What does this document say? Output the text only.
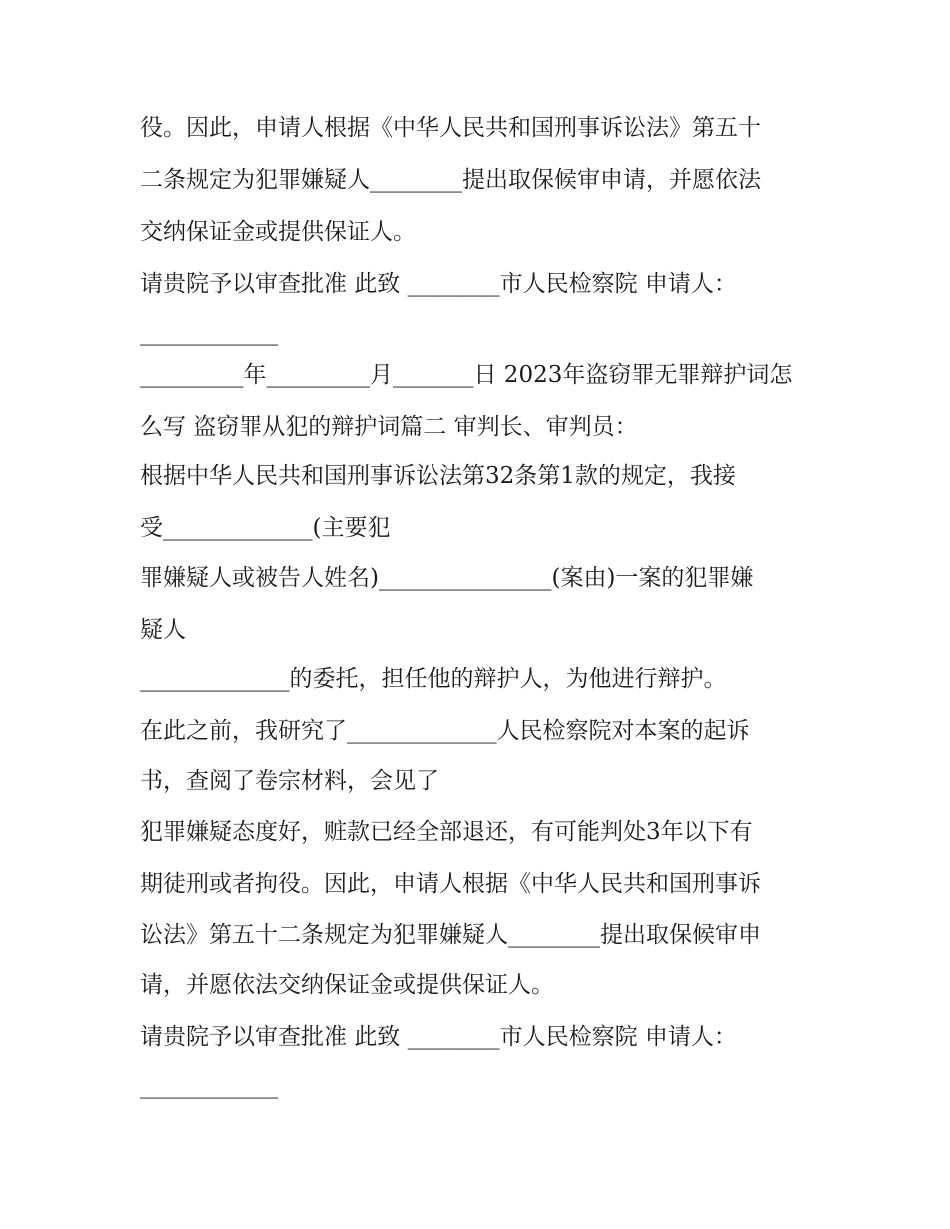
役。因此，申请人根据《中华人民共和国刑事诉讼法》第五十
二条规定为犯罪嫌疑人________提出取保候审申请，并愿依法
交纳保证金或提供保证人。
请贵院予以审查批准 此致 ________市人民检察院 申请人：
____________
_________年_________月_______日 2023年盗窃罪无罪辩护词怎
么写 盗窃罪从犯的辩护词篇二 审判长、审判员：
根据中华人民共和国刑事诉讼法第32条第1款的规定，我接
受_____________(主要犯
罪嫌疑人或被告人姓名)_______________(案由)一案的犯罪嫌
疑人
_____________的委托，担任他的辩护人，为他进行辩护。
在此之前，我研究了_____________人民检察院对本案的起诉
书，查阅了卷宗材料，会见了
犯罪嫌疑态度好，赃款已经全部退还，有可能判处3年以下有
期徒刑或者拘役。因此，申请人根据《中华人民共和国刑事诉
讼法》第五十二条规定为犯罪嫌疑人________提出取保候审申
请，并愿依法交纳保证金或提供保证人。
请贵院予以审查批准 此致 ________市人民检察院 申请人：
____________
